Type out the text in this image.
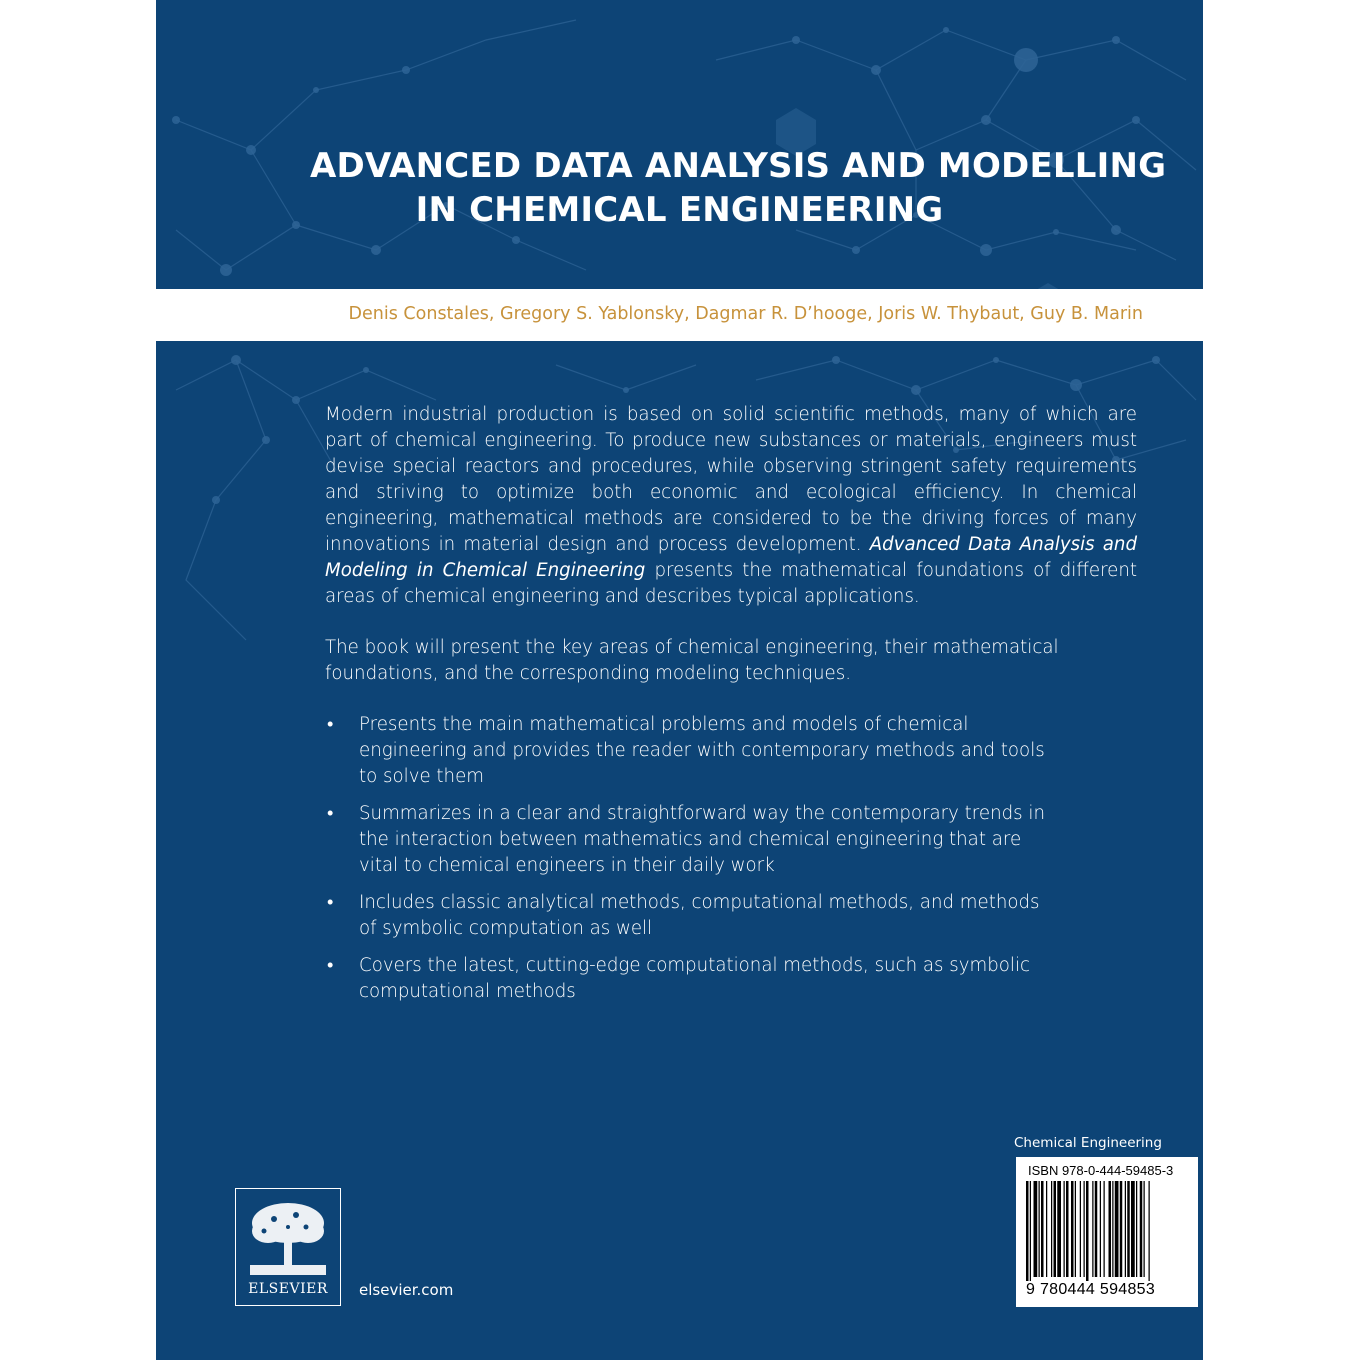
ADVANCED DATA ANALYSIS AND MODELLING
IN CHEMICAL ENGINEERING
Denis Constales, Gregory S. Yablonsky, Dagmar R. D’hooge, Joris W. Thybaut, Guy B. Marin

Modern industrial production is based on solid scientific methods, many of which are part of chemical engineering. To produce new substances or materials, engineers must devise special reactors and procedures, while observing stringent safety requirements and striving to optimize both economic and ecological efficiency. In chemical engineering, mathematical methods are considered to be the driving forces of many innovations in material design and process development. Advanced Data Analysis and Modeling in Chemical Engineering presents the mathematical foundations of different areas of chemical engineering and describes typical applications.

The book will present the key areas of chemical engineering, their mathematical foundations, and the corresponding modeling techniques.

• Presents the main mathematical problems and models of chemical engineering and provides the reader with contemporary methods and tools to solve them
• Summarizes in a clear and straightforward way the contemporary trends in the interaction between mathematics and chemical engineering that are vital to chemical engineers in their daily work
• Includes classic analytical methods, computational methods, and methods of symbolic computation as well
• Covers the latest, cutting-edge computational methods, such as symbolic computational methods
ELSEVIER	elsevier.com
Chemical Engineering
ISBN 978-0-444-59485-3
9 780444 594853
